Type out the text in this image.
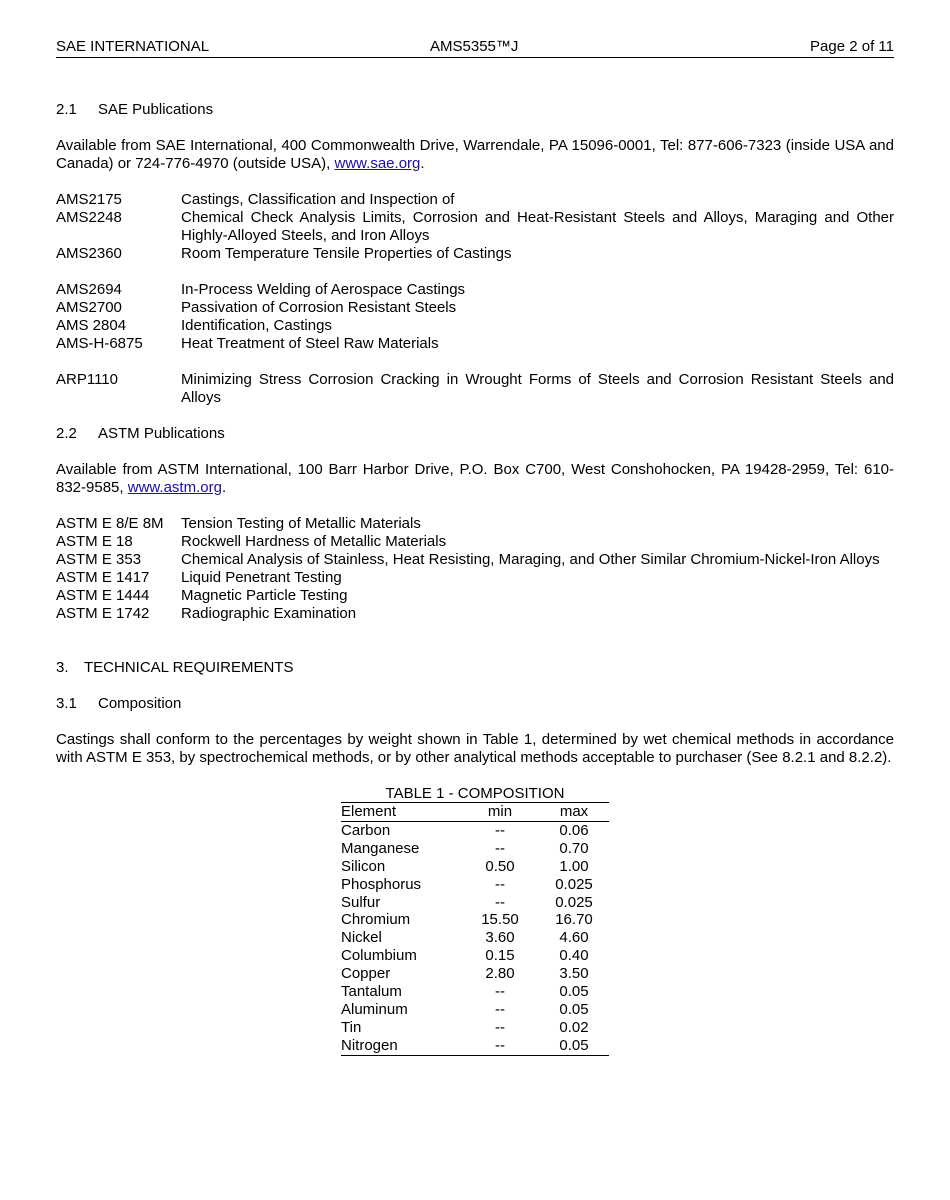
SAE INTERNATIONAL	AMS5355™J	Page 2 of 11
2.1 SAE Publications

Available from SAE International, 400 Commonwealth Drive, Warrendale, PA 15096-0001, Tel: 877-606-7323 (inside USA and Canada) or 724-776-4970 (outside USA), www.sae.org.

AMS2175	Castings, Classification and Inspection of
AMS2248	Chemical Check Analysis Limits, Corrosion and Heat-Resistant Steels and Alloys, Maraging and Other Highly-Alloyed Steels, and Iron Alloys
AMS2360	Room Temperature Tensile Properties of Castings
AMS2694	In-Process Welding of Aerospace Castings
AMS2700	Passivation of Corrosion Resistant Steels
AMS 2804	Identification, Castings
AMS-H-6875	Heat Treatment of Steel Raw Materials
ARP1110	Minimizing Stress Corrosion Cracking in Wrought Forms of Steels and Corrosion Resistant Steels and Alloys
2.2 ASTM Publications

Available from ASTM International, 100 Barr Harbor Drive, P.O. Box C700, West Conshohocken, PA 19428-2959, Tel: 610-832-9585, www.astm.org.

ASTM E 8/E 8M	Tension Testing of Metallic Materials
ASTM E 18	Rockwell Hardness of Metallic Materials
ASTM E 353	Chemical Analysis of Stainless, Heat Resisting, Maraging, and Other Similar Chromium-Nickel-Iron Alloys
ASTM E 1417	Liquid Penetrant Testing
ASTM E 1444	Magnetic Particle Testing
ASTM E 1742	Radiographic Examination
3. TECHNICAL REQUIREMENTS
3.1 Composition

Castings shall conform to the percentages by weight shown in Table 1, determined by wet chemical methods in accordance with ASTM E 353, by spectrochemical methods, or by other analytical methods acceptable to purchaser (See 8.2.1 and 8.2.2).

TABLE 1 - COMPOSITION
Element	min	max
Carbon	--	0.06
Manganese	--	0.70
Silicon	0.50	1.00
Phosphorus	--	0.025
Sulfur	--	0.025
Chromium	15.50	16.70
Nickel	3.60	4.60
Columbium	0.15	0.40
Copper	2.80	3.50
Tantalum	--	0.05
Aluminum	--	0.05
Tin	--	0.02
Nitrogen	--	0.05
